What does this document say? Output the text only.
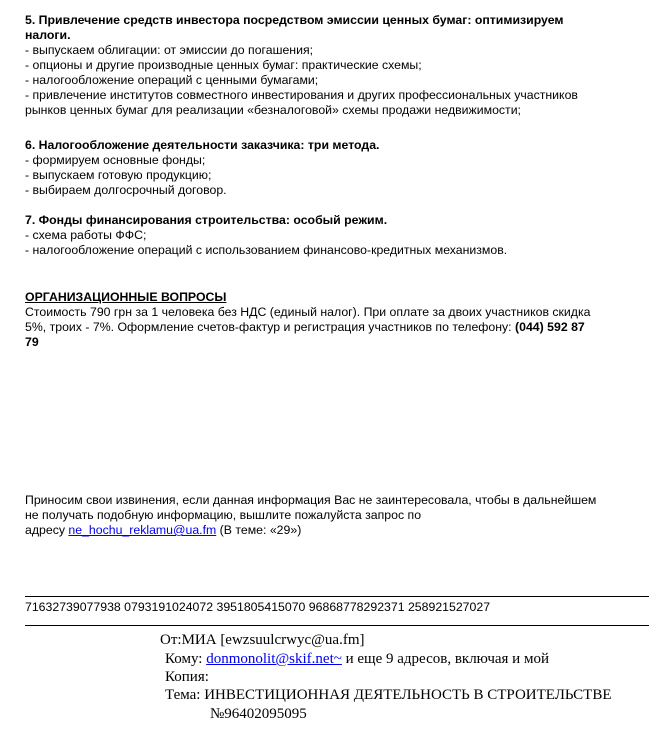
5. Привлечение средств инвестора посредством эмиссии ценных бумаг: оптимизируем
налоги.
- выпускаем облигации: от эмиссии до погашения;
- опционы и другие производные ценных бумаг: практические схемы;
- налогообложение операций с ценными бумагами;
- привлечение институтов совместного инвестирования и других профессиональных участников
рынков ценных бумаг для реализации «безналоговой» схемы продажи недвижимости;
6. Налогообложение деятельности заказчика: три метода.
- формируем основные фонды;
- выпускаем готовую продукцию;
- выбираем долгосрочный договор.
7. Фонды финансирования строительства: особый режим.
- схема работы ФФС;
- налогообложение операций с использованием финансово-кредитных механизмов.
ОРГАНИЗАЦИОННЫЕ ВОПРОСЫ
Стоимость 790 грн за 1 человека без НДС (единый налог). При оплате за двоих участников скидка
5%, троих - 7%. Оформление счетов-фактур и регистрация участников по телефону: (044) 592 87
79
Приносим свои извинения, если данная информация Вас не заинтересовала, чтобы в дальнейшем
не получать подобную информацию, вышлите пожалуйста запрос по
адресу ne_hochu_reklamu@ua.fm (В теме: «29»)
71632739077938 0793191024072 3951805415070 96868778292371 258921527027
От:МИА [ewzsuulcrwyc@ua.fm]
Кому: donmonolit@skif.net~ и еще 9 адресов, включая и мой
Копия:
Тема: ИНВЕСТИЦИОННАЯ ДЕЯТЕЛЬНОСТЬ В СТРОИТЕЛЬСТВЕ
№96402095095
